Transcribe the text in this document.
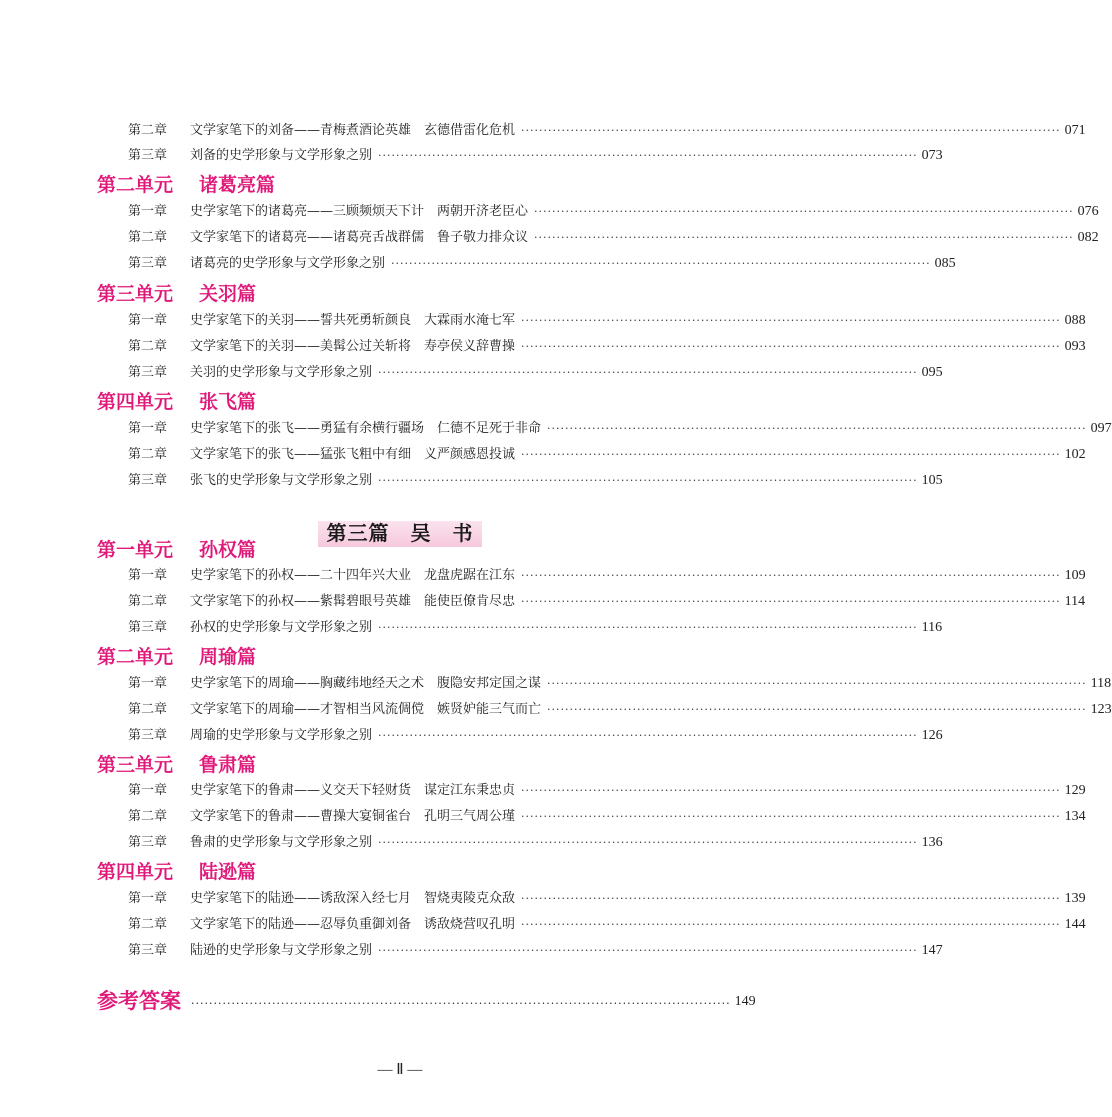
第二章	文学家笔下的刘备——青梅煮酒论英雄　玄德借雷化危机 ························································································································ 071
第三章	刘备的史学形象与文学形象之别 ························································································································ 073
第二单元 诸葛亮篇
第一章	史学家笔下的诸葛亮——三顾频烦天下计　两朝开济老臣心 ························································································································ 076
第二章	文学家笔下的诸葛亮——诸葛亮舌战群儒　鲁子敬力排众议 ························································································································ 082
第三章	诸葛亮的史学形象与文学形象之别 ························································································································ 085
第三单元 关羽篇
第一章	史学家笔下的关羽——誓共死勇斩颜良　大霖雨水淹七军 ························································································································ 088
第二章	文学家笔下的关羽——美髯公过关斩将　寿亭侯义辞曹操 ························································································································ 093
第三章	关羽的史学形象与文学形象之别 ························································································································ 095
第四单元 张飞篇
第一章	史学家笔下的张飞——勇猛有余横行疆场　仁德不足死于非命 ························································································································ 097
第二章	文学家笔下的张飞——猛张飞粗中有细　义严颜感恩投诚 ························································································································ 102
第三章	张飞的史学形象与文学形象之别 ························································································································ 105
第三篇　吴　书
第一单元 孙权篇
第一章	史学家笔下的孙权——二十四年兴大业　龙盘虎踞在江东 ························································································································ 109
第二章	文学家笔下的孙权——紫髯碧眼号英雄　能使臣僚肯尽忠 ························································································································ 114
第三章	孙权的史学形象与文学形象之别 ························································································································ 116
第二单元 周瑜篇
第一章	史学家笔下的周瑜——胸藏纬地经天之术　腹隐安邦定国之谋 ························································································································ 118
第二章	文学家笔下的周瑜——才智相当风流倜傥　嫉贤妒能三气而亡 ························································································································ 123
第三章	周瑜的史学形象与文学形象之别 ························································································································ 126
第三单元 鲁肃篇
第一章	史学家笔下的鲁肃——义交天下轻财货　谋定江东秉忠贞 ························································································································ 129
第二章	文学家笔下的鲁肃——曹操大宴铜雀台　孔明三气周公瑾 ························································································································ 134
第三章	鲁肃的史学形象与文学形象之别 ························································································································ 136
第四单元 陆逊篇
第一章	史学家笔下的陆逊——诱敌深入经七月　智烧夷陵克众敌 ························································································································ 139
第二章	文学家笔下的陆逊——忍辱负重御刘备　诱敌烧营叹孔明 ························································································································ 144
第三章	陆逊的史学形象与文学形象之别 ························································································································ 147
参考答案 ························································································································ 149
— Ⅱ —
